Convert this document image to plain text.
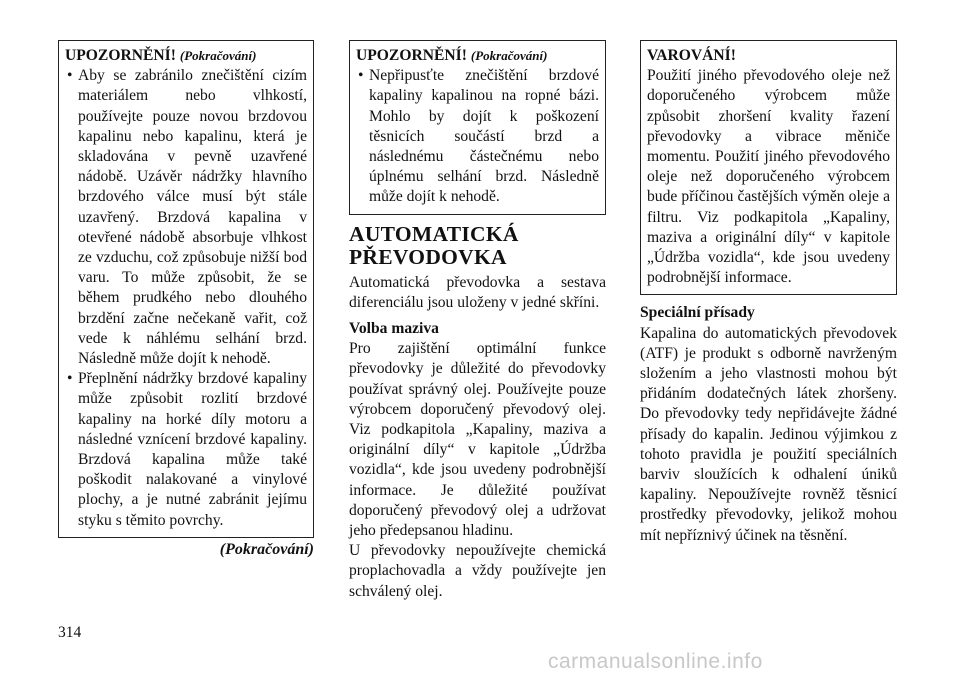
UPOZORNĚNÍ! (Pokračování)
• Aby se zabránilo znečištění cizím materiálem nebo vlhkostí, používejte pouze novou brzdovou kapalinu nebo kapalinu, která je skladována v pevně uzavřené nádobě. Uzávěr nádržky hlavního brzdového válce musí být stále uzavřený. Brzdová kapalina v otevřené nádobě absorbuje vlhkost ze vzduchu, což způsobuje nižší bod varu. To může způsobit, že se během prudkého nebo dlouhého brzdění začne nečekaně vařit, což vede k náhlému selhání brzd. Následně může dojít k nehodě.
• Přeplnění nádržky brzdové kapaliny může způsobit rozlití brzdové kapaliny na horké díly motoru a následné vznícení brzdové kapaliny. Brzdová kapalina může také poškodit nalakované a vinylové plochy, a je nutné zabránit jejímu styku s těmito povrchy.
(Pokračování)
UPOZORNĚNÍ! (Pokračování)
• Nepřipusťte znečištění brzdové kapaliny kapalinou na ropné bázi. Mohlo by dojít k poškození těsnicích součástí brzd a následnému částečnému nebo úplnému selhání brzd. Následně může dojít k nehodě.
AUTOMATICKÁ
PŘEVODOVKA
Automatická převodovka a sestava diferenciálu jsou uloženy v jedné skříni.
Volba maziva
Pro zajištění optimální funkce převodovky je důležité do převodovky používat správný olej. Používejte pouze výrobcem doporučený převodový olej. Viz podkapitola „Kapaliny, maziva a originální díly“ v kapitole „Údržba vozidla“, kde jsou uvedeny podrobnější informace. Je důležité používat doporučený převodový olej a udržovat jeho předepsanou hladinu.
U převodovky nepoužívejte chemická proplachovadla a vždy používejte jen schválený olej.
VAROVÁNÍ!
Použití jiného převodového oleje než doporučeného výrobcem může způsobit zhoršení kvality řazení převodovky a vibrace měniče momentu. Použití jiného převodového oleje než doporučeného výrobcem bude příčinou častějších výměn oleje a filtru. Viz podkapitola „Kapaliny, maziva a originální díly“ v kapitole „Údržba vozidla“, kde jsou uvedeny podrobnější informace.
Speciální přísady
Kapalina do automatických převodovek (ATF) je produkt s odborně navrženým složením a jeho vlastnosti mohou být přidáním dodatečných látek zhoršeny. Do převodovky tedy nepřidávejte žádné přísady do kapalin. Jedinou výjimkou z tohoto pravidla je použití speciálních barviv sloužících k odhalení úniků kapaliny. Nepoužívejte rovněž těsnicí prostředky převodovky, jelikož mohou mít nepříznivý účinek na těsnění.
314
carmanualsonline.info
